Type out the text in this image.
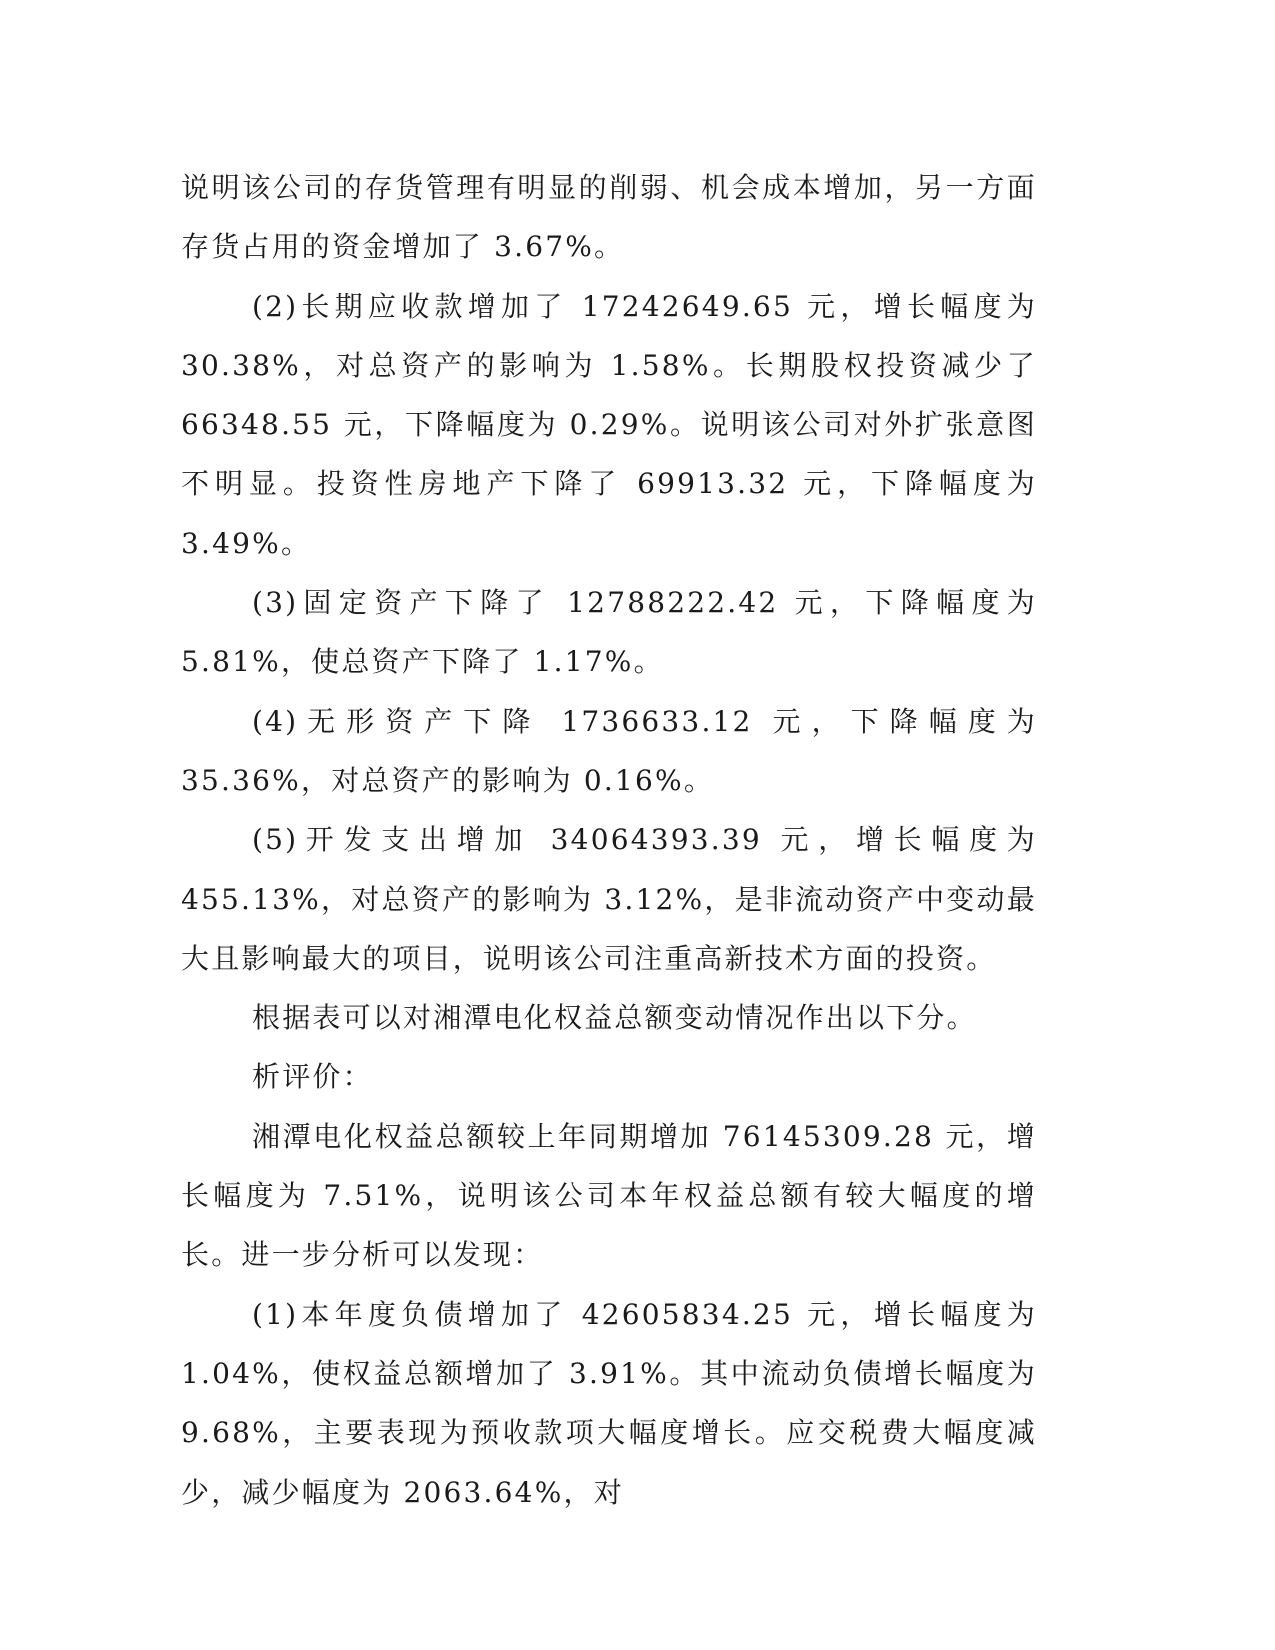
说明该公司的存货管理有明显的削弱、机会成本增加，另一方面存货占用的资金增加了 3.67%。

(2)长期应收款增加了 17242649.65 元，增长幅度为 30.38%，对总资产的影响为 1.58%。长期股权投资减少了 66348.55 元，下降幅度为 0.29%。说明该公司对外扩张意图不明显。投资性房地产下降了 69913.32 元，下降幅度为 3.49%。

(3)固定资产下降了 12788222.42 元，下降幅度为 5.81%，使总资产下降了 1.17%。

(4)无形资产下降 1736633.12 元，下降幅度为 35.36%，对总资产的影响为 0.16%。

(5)开发支出增加 34064393.39 元，增长幅度为 455.13%，对总资产的影响为 3.12%，是非流动资产中变动最大且影响最大的项目，说明该公司注重高新技术方面的投资。

根据表可以对湘潭电化权益总额变动情况作出以下分。

析评价：

湘潭电化权益总额较上年同期增加 76145309.28 元，增长幅度为 7.51%，说明该公司本年权益总额有较大幅度的增长。进一步分析可以发现：

(1)本年度负债增加了 42605834.25 元，增长幅度为 1.04%，使权益总额增加了 3.91%。其中流动负债增长幅度为 9.68%，主要表现为预收款项大幅度增长。应交税费大幅度减少，减少幅度为 2063.64%，对
